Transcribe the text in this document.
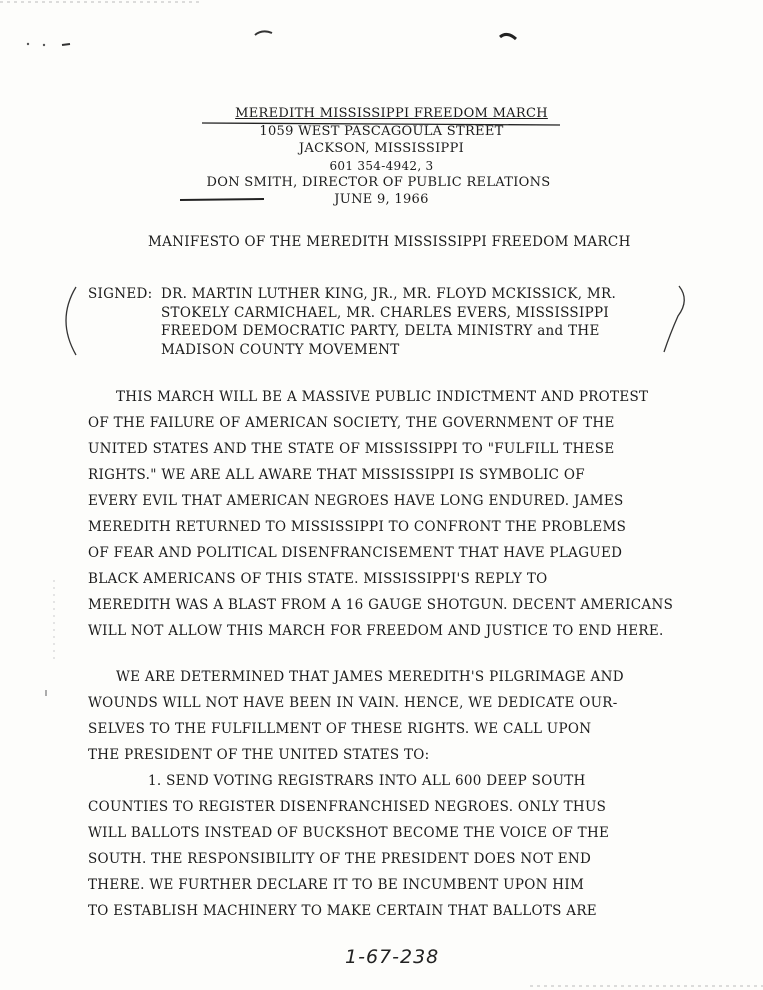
MEREDITH MISSISSIPPI FREEDOM MARCH
1059 WEST PASCAGOULA STREET
JACKSON, MISSISSIPPI
601 354-4942, 3
DON SMITH, DIRECTOR OF PUBLIC RELATIONS
JUNE 9, 1966
MANIFESTO OF THE MEREDITH MISSISSIPPI FREEDOM MARCH
SIGNED: DR. MARTIN LUTHER KING, JR., MR. FLOYD MCKISSICK, MR.
STOKELY CARMICHAEL, MR. CHARLES EVERS, MISSISSIPPI
FREEDOM DEMOCRATIC PARTY, DELTA MINISTRY and THE
MADISON COUNTY MOVEMENT
THIS MARCH WILL BE A MASSIVE PUBLIC INDICTMENT AND PROTEST
OF THE FAILURE OF AMERICAN SOCIETY, THE GOVERNMENT OF THE
UNITED STATES AND THE STATE OF MISSISSIPPI TO "FULFILL THESE
RIGHTS." WE ARE ALL AWARE THAT MISSISSIPPI IS SYMBOLIC OF
EVERY EVIL THAT AMERICAN NEGROES HAVE LONG ENDURED. JAMES
MEREDITH RETURNED TO MISSISSIPPI TO CONFRONT THE PROBLEMS
OF FEAR AND POLITICAL DISENFRANCISEMENT THAT HAVE PLAGUED
BLACK AMERICANS OF THIS STATE. MISSISSIPPI'S REPLY TO
MEREDITH WAS A BLAST FROM A 16 GAUGE SHOTGUN. DECENT AMERICANS
WILL NOT ALLOW THIS MARCH FOR FREEDOM AND JUSTICE TO END HERE.
WE ARE DETERMINED THAT JAMES MEREDITH'S PILGRIMAGE AND
WOUNDS WILL NOT HAVE BEEN IN VAIN. HENCE, WE DEDICATE OUR-
SELVES TO THE FULFILLMENT OF THESE RIGHTS. WE CALL UPON
THE PRESIDENT OF THE UNITED STATES TO:
1. SEND VOTING REGISTRARS INTO ALL 600 DEEP SOUTH
COUNTIES TO REGISTER DISENFRANCHISED NEGROES. ONLY THUS
WILL BALLOTS INSTEAD OF BUCKSHOT BECOME THE VOICE OF THE
SOUTH. THE RESPONSIBILITY OF THE PRESIDENT DOES NOT END
THERE. WE FURTHER DECLARE IT TO BE INCUMBENT UPON HIM
TO ESTABLISH MACHINERY TO MAKE CERTAIN THAT BALLOTS ARE
1-67-238
